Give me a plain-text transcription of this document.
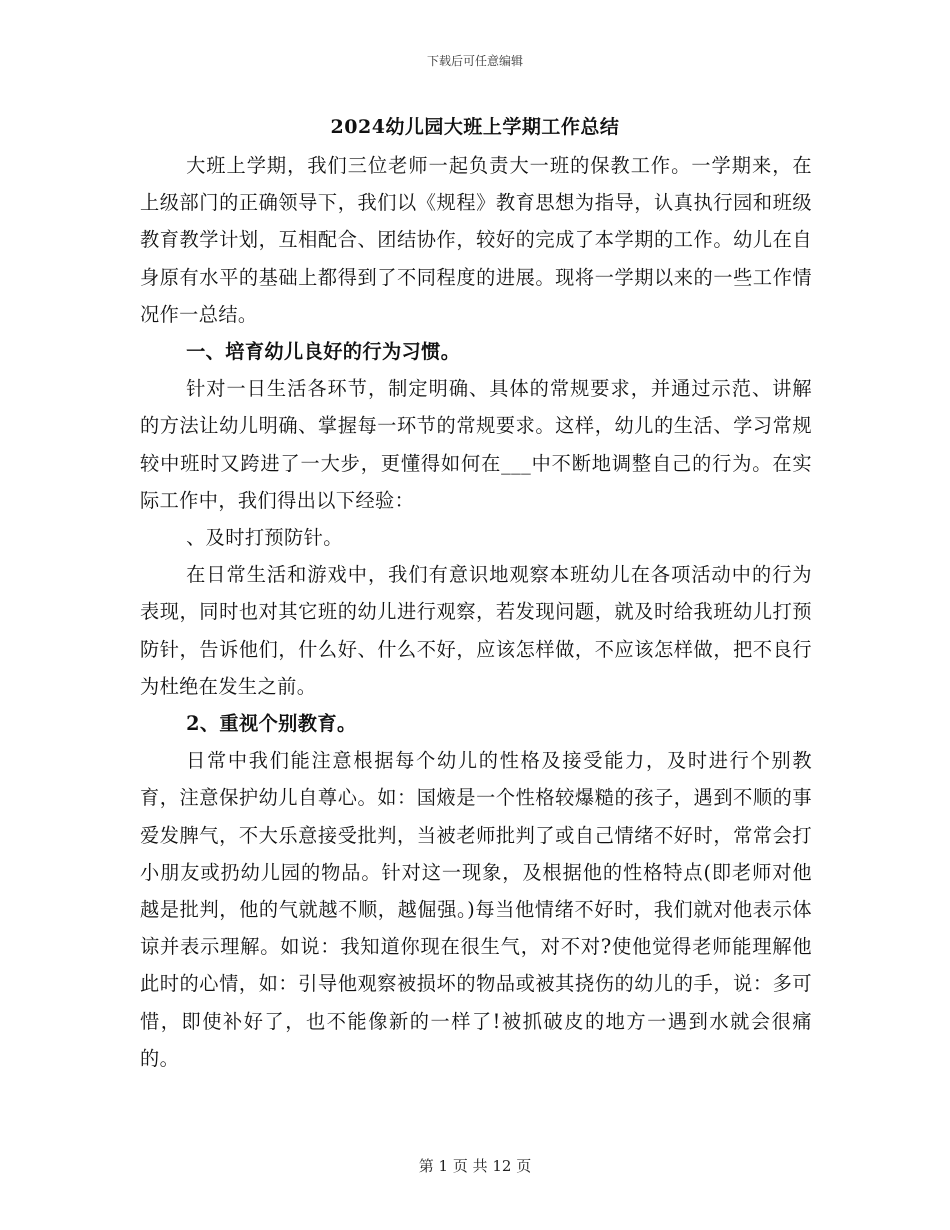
下载后可任意编辑
2024幼儿园大班上学期工作总结

大班上学期，我们三位老师一起负责大一班的保教工作。一学期来，在上级部门的正确领导下，我们以《规程》教育思想为指导，认真执行园和班级教育教学计划，互相配合、团结协作，较好的完成了本学期的工作。幼儿在自身原有水平的基础上都得到了不同程度的进展。现将一学期以来的一些工作情况作一总结。

一、培育幼儿良好的行为习惯。

针对一日生活各环节，制定明确、具体的常规要求，并通过示范、讲解的方法让幼儿明确、掌握每一环节的常规要求。这样，幼儿的生活、学习常规较中班时又跨进了一大步，更懂得如何在___中不断地调整自己的行为。在实际工作中，我们得出以下经验：

、及时打预防针。

在日常生活和游戏中，我们有意识地观察本班幼儿在各项活动中的行为表现，同时也对其它班的幼儿进行观察，若发现问题，就及时给我班幼儿打预防针，告诉他们，什么好、什么不好，应该怎样做，不应该怎样做，把不良行为杜绝在发生之前。

2、重视个别教育。

日常中我们能注意根据每个幼儿的性格及接受能力，及时进行个别教育，注意保护幼儿自尊心。如：国焲是一个性格较爆糙的孩子，遇到不顺的事爱发脾气，不大乐意接受批判，当被老师批判了或自己情绪不好时，常常会打小朋友或扔幼儿园的物品。针对这一现象，及根据他的性格特点(即老师对他越是批判，他的气就越不顺，越倔强。)每当他情绪不好时，我们就对他表示体谅并表示理解。如说：我知道你现在很生气，对不对?使他觉得老师能理解他此时的心情，如：引导他观察被损坏的物品或被其挠伤的幼儿的手，说：多可惜，即使补好了，也不能像新的一样了!被抓破皮的地方一遇到水就会很痛的。

第 1 页 共 12 页
